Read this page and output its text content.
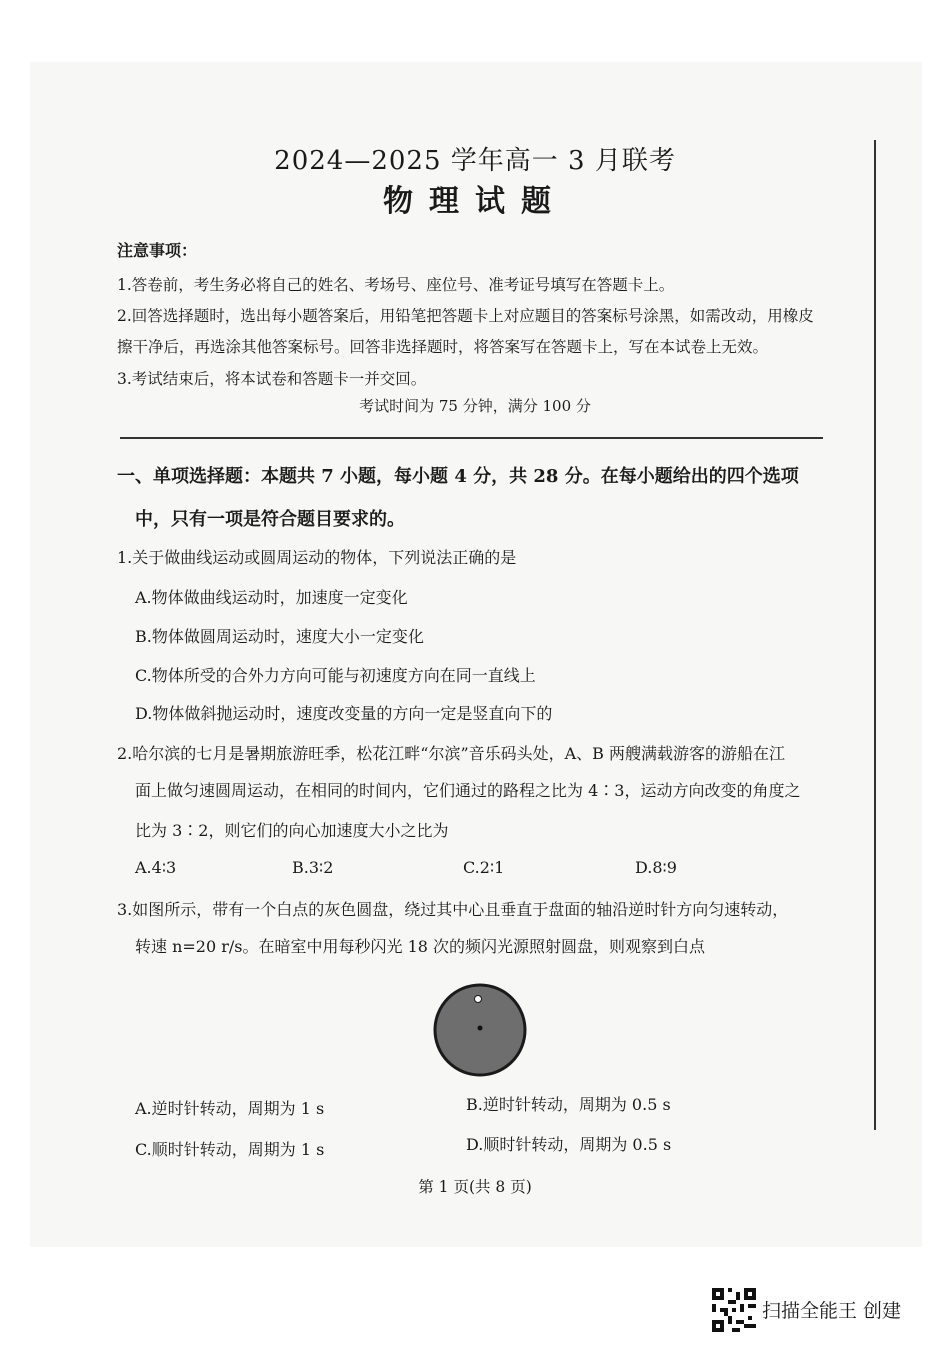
2024—2025 学年高一 3 月联考
物理试题
注意事项：
1.答卷前，考生务必将自己的姓名、考场号、座位号、准考证号填写在答题卡上。
2.回答选择题时，选出每小题答案后，用铅笔把答题卡上对应题目的答案标号涂黑，如需改动，用橡皮
擦干净后，再选涂其他答案标号。回答非选择题时，将答案写在答题卡上，写在本试卷上无效。
3.考试结束后，将本试卷和答题卡一并交回。
考试时间为 75 分钟，满分 100 分
一、单项选择题：本题共 7 小题，每小题 4 分，共 28 分。在每小题给出的四个选项
中，只有一项是符合题目要求的。
1.关于做曲线运动或圆周运动的物体，下列说法正确的是
A.物体做曲线运动时，加速度一定变化
B.物体做圆周运动时，速度大小一定变化
C.物体所受的合外力方向可能与初速度方向在同一直线上
D.物体做斜抛运动时，速度改变量的方向一定是竖直向下的
2.哈尔滨的七月是暑期旅游旺季，松花江畔“尔滨”音乐码头处，A、B 两艘满载游客的游船在江
面上做匀速圆周运动，在相同的时间内，它们通过的路程之比为 4∶3，运动方向改变的角度之
比为 3∶2，则它们的向心加速度大小之比为
A.4∶3	B.3∶2	C.2∶1	D.8∶9
3.如图所示，带有一个白点的灰色圆盘，绕过其中心且垂直于盘面的轴沿逆时针方向匀速转动，
转速 n=20 r/s。在暗室中用每秒闪光 18 次的频闪光源照射圆盘，则观察到白点
A.逆时针转动，周期为 1 s	B.逆时针转动，周期为 0.5 s
C.顺时针转动，周期为 1 s	D.顺时针转动，周期为 0.5 s
第 1 页(共 8 页)
扫描全能王 创建
